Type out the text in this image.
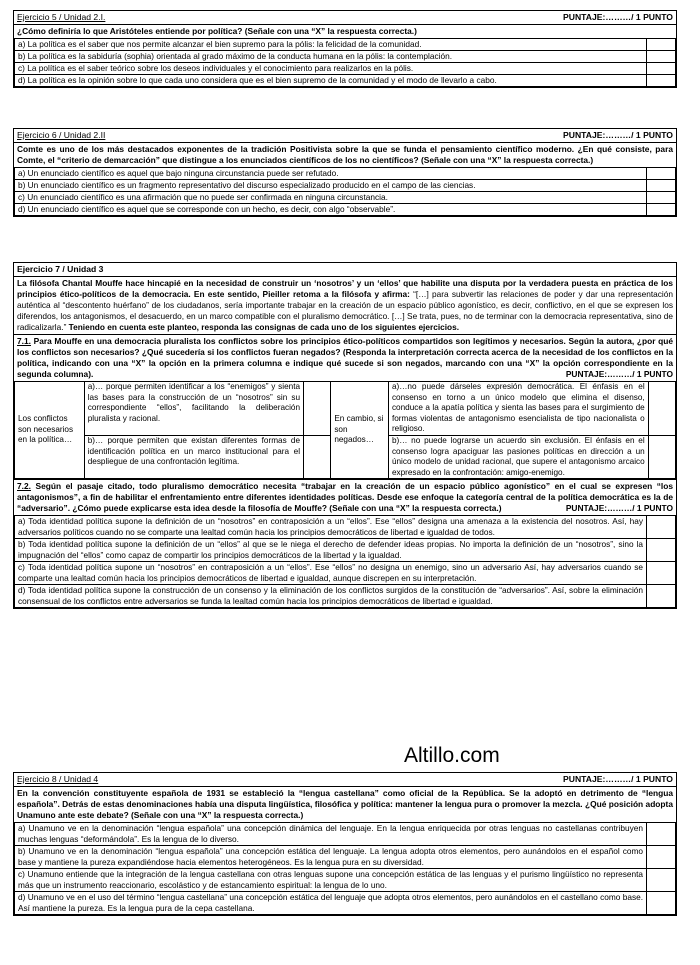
Ejercicio 5 / Unidad 2.I.	PUNTAJE:………/ 1 PUNTO
¿Cómo definiría lo que Aristóteles entiende por política? (Señale con una “X” la respuesta correcta.)
a) La política es el saber que nos permite alcanzar el bien supremo para la pólis: la felicidad de la comunidad.	
b) La política es la sabiduría (sophia) orientada al grado máximo de la conducta humana en la pólis: la contemplación.	
c) La política es el saber teórico sobre los deseos individuales y el conocimiento para realizarlos en la pólis.	
d) La política es la opinión sobre lo que cada uno considera que es el bien supremo de la comunidad y el modo de llevarlo a cabo.	
Ejercicio 6 / Unidad 2.II	PUNTAJE:………/ 1 PUNTO
Comte es uno de los más destacados exponentes de la tradición Positivista sobre la que se funda el pensamiento científico moderno. ¿En qué consiste, para Comte, el “criterio de demarcación” que distingue a los enunciados científicos de los no científicos? (Señale con una “X” la respuesta correcta.)
a) Un enunciado científico es aquel que bajo ninguna circunstancia puede ser refutado.	
b) Un enunciado científico es un fragmento representativo del discurso especializado producido en el campo de las ciencias.	
c) Un enunciado científico es una afirmación que no puede ser confirmada en ninguna circunstancia.	
d) Un enunciado científico es aquel que se corresponde con un hecho, es decir, con algo “observable”.	
Ejercicio 7 / Unidad 3
La filósofa Chantal Mouffe hace hincapié en la necesidad de construir un ‘nosotros’ y un ‘ellos’ que habilite una disputa por la verdadera puesta en práctica de los principios ético-políticos de la democracia. En este sentido, Pieiller retoma a la filósofa y afirma: “[…] para subvertir las relaciones de poder y dar una representación auténtica al “descontento huérfano” de los ciudadanos, sería importante trabajar en la creación de un espacio público agonístico, es decir, conflictivo, en el que se expresen los diferendos, los antagonismos, el desacuerdo, en un marco compatible con el pluralismo democrático. […] Se trata, pues, no de terminar con la democracia representativa, sino de radicalizarla.” Teniendo en cuenta este planteo, responda las consignas de cada uno de los siguientes ejercicios.
7.1. Para Mouffe en una democracia pluralista los conflictos sobre los principios ético-políticos compartidos son legítimos y necesarios. Según la autora, ¿por qué los conflictos son necesarios? ¿Qué sucedería si los conflictos fueran negados? (Responda la interpretación correcta acerca de la necesidad de los conflictos en la política, indicando con una “X” la opción en la primera columna e indique qué sucede si son negados, marcando con una “X” la opción correspondiente en la segunda columna).	PUNTAJE:………/ 1 PUNTO
Los conflictos son necesarios en la política…	a)… porque permiten identificar a los “enemigos” y sienta las bases para la construcción de un “nosotros” sin su correspondiente “ellos”, facilitando la deliberación pluralista y racional.		En cambio, si son negados…	a)…no puede dárseles expresión democrática. El énfasis en el consenso en torno a un único modelo que elimina el disenso, conduce a la apatía política y sienta las bases para el surgimiento de formas violentas de antagonismo esencialista de tipo nacionalista o religioso.	
	b)… porque permiten que existan diferentes formas de identificación política en un marco institucional para el despliegue de una confrontación legítima.			b)… no puede lograrse un acuerdo sin exclusión. El énfasis en el consenso logra apaciguar las pasiones políticas en dirección a un único modelo de unidad racional, que supere el antagonismo arcaico expresado en la confrontación: amigo-enemigo.	
7.2. Según el pasaje citado, todo pluralismo democrático necesita “trabajar en la creación de un espacio público agonístico” en el cual se expresen “los antagonismos”, a fin de habilitar el enfrentamiento entre diferentes identidades políticas. Desde ese enfoque la categoría central de la política democrática es la de “adversario”. ¿Cómo puede explicarse esta idea desde la filosofía de Mouffe? (Señale con una “X” la respuesta correcta.)	PUNTAJE:………/ 1 PUNTO
a) Toda identidad política supone la definición de un “nosotros” en contraposición a un “ellos”. Ese “ellos” designa una amenaza a la existencia del nosotros. Así, hay adversarios políticos cuando no se comparte una lealtad común hacia los principios democráticos de libertad e igualdad de todos.	
b) Toda identidad política supone la definición de un “ellos” al que se le niega el derecho de defender ideas propias. No importa la definición de un “nosotros”, sino la impugnación del “ellos” como capaz de compartir los principios democráticos de la libertad y la igualdad.	
c) Toda identidad política supone un “nosotros” en contraposición a un “ellos”. Ese “ellos” no designa un enemigo, sino un adversario Así, hay adversarios cuando se comparte una lealtad común hacia los principios democráticos de libertad e igualdad, aunque discrepen en su interpretación.	
d) Toda identidad política supone la construcción de un consenso y la eliminación de los conflictos surgidos de la constitución de “adversarios”. Así, sobre la eliminación consensual de los conflictos entre adversarios se funda la lealtad común hacia los principios democráticos de libertad e igualdad.	
Altillo.com
Ejercicio 8 / Unidad 4	PUNTAJE:………/ 1 PUNTO
En la convención constituyente española de 1931 se estableció la “lengua castellana” como oficial de la República. Se la adoptó en detrimento de “lengua española”. Detrás de estas denominaciones había una disputa lingüística, filosófica y política: mantener la lengua pura o promover la mezcla. ¿Qué posición adopta Unamuno ante este debate? (Señale con una “X” la respuesta correcta.)
a) Unamuno ve en la denominación “lengua española” una concepción dinámica del lenguaje. En la lengua enriquecida por otras lenguas no castellanas contribuyen muchas lenguas “deformándola”. Es la lengua de lo diverso.	
b) Unamuno ve en la denominación “lengua española” una concepción estática del lenguaje. La lengua adopta otros elementos, pero aunándolos en el español como base y mantiene la pureza expandiéndose hacia elementos heterogéneos. Es la lengua pura en su diversidad.	
c) Unamuno entiende que la integración de la lengua castellana con otras lenguas supone una concepción estática de las lenguas y el purismo lingüístico no representa más que un instrumento reaccionario, escolástico y de estancamiento espiritual: la lengua de lo uno.	
d) Unamuno ve en el uso del término “lengua castellana” una concepción estática del lenguaje que adopta otros elementos, pero aunándolos en el castellano como base. Así mantiene la pureza. Es la lengua pura de la cepa castellana.	
